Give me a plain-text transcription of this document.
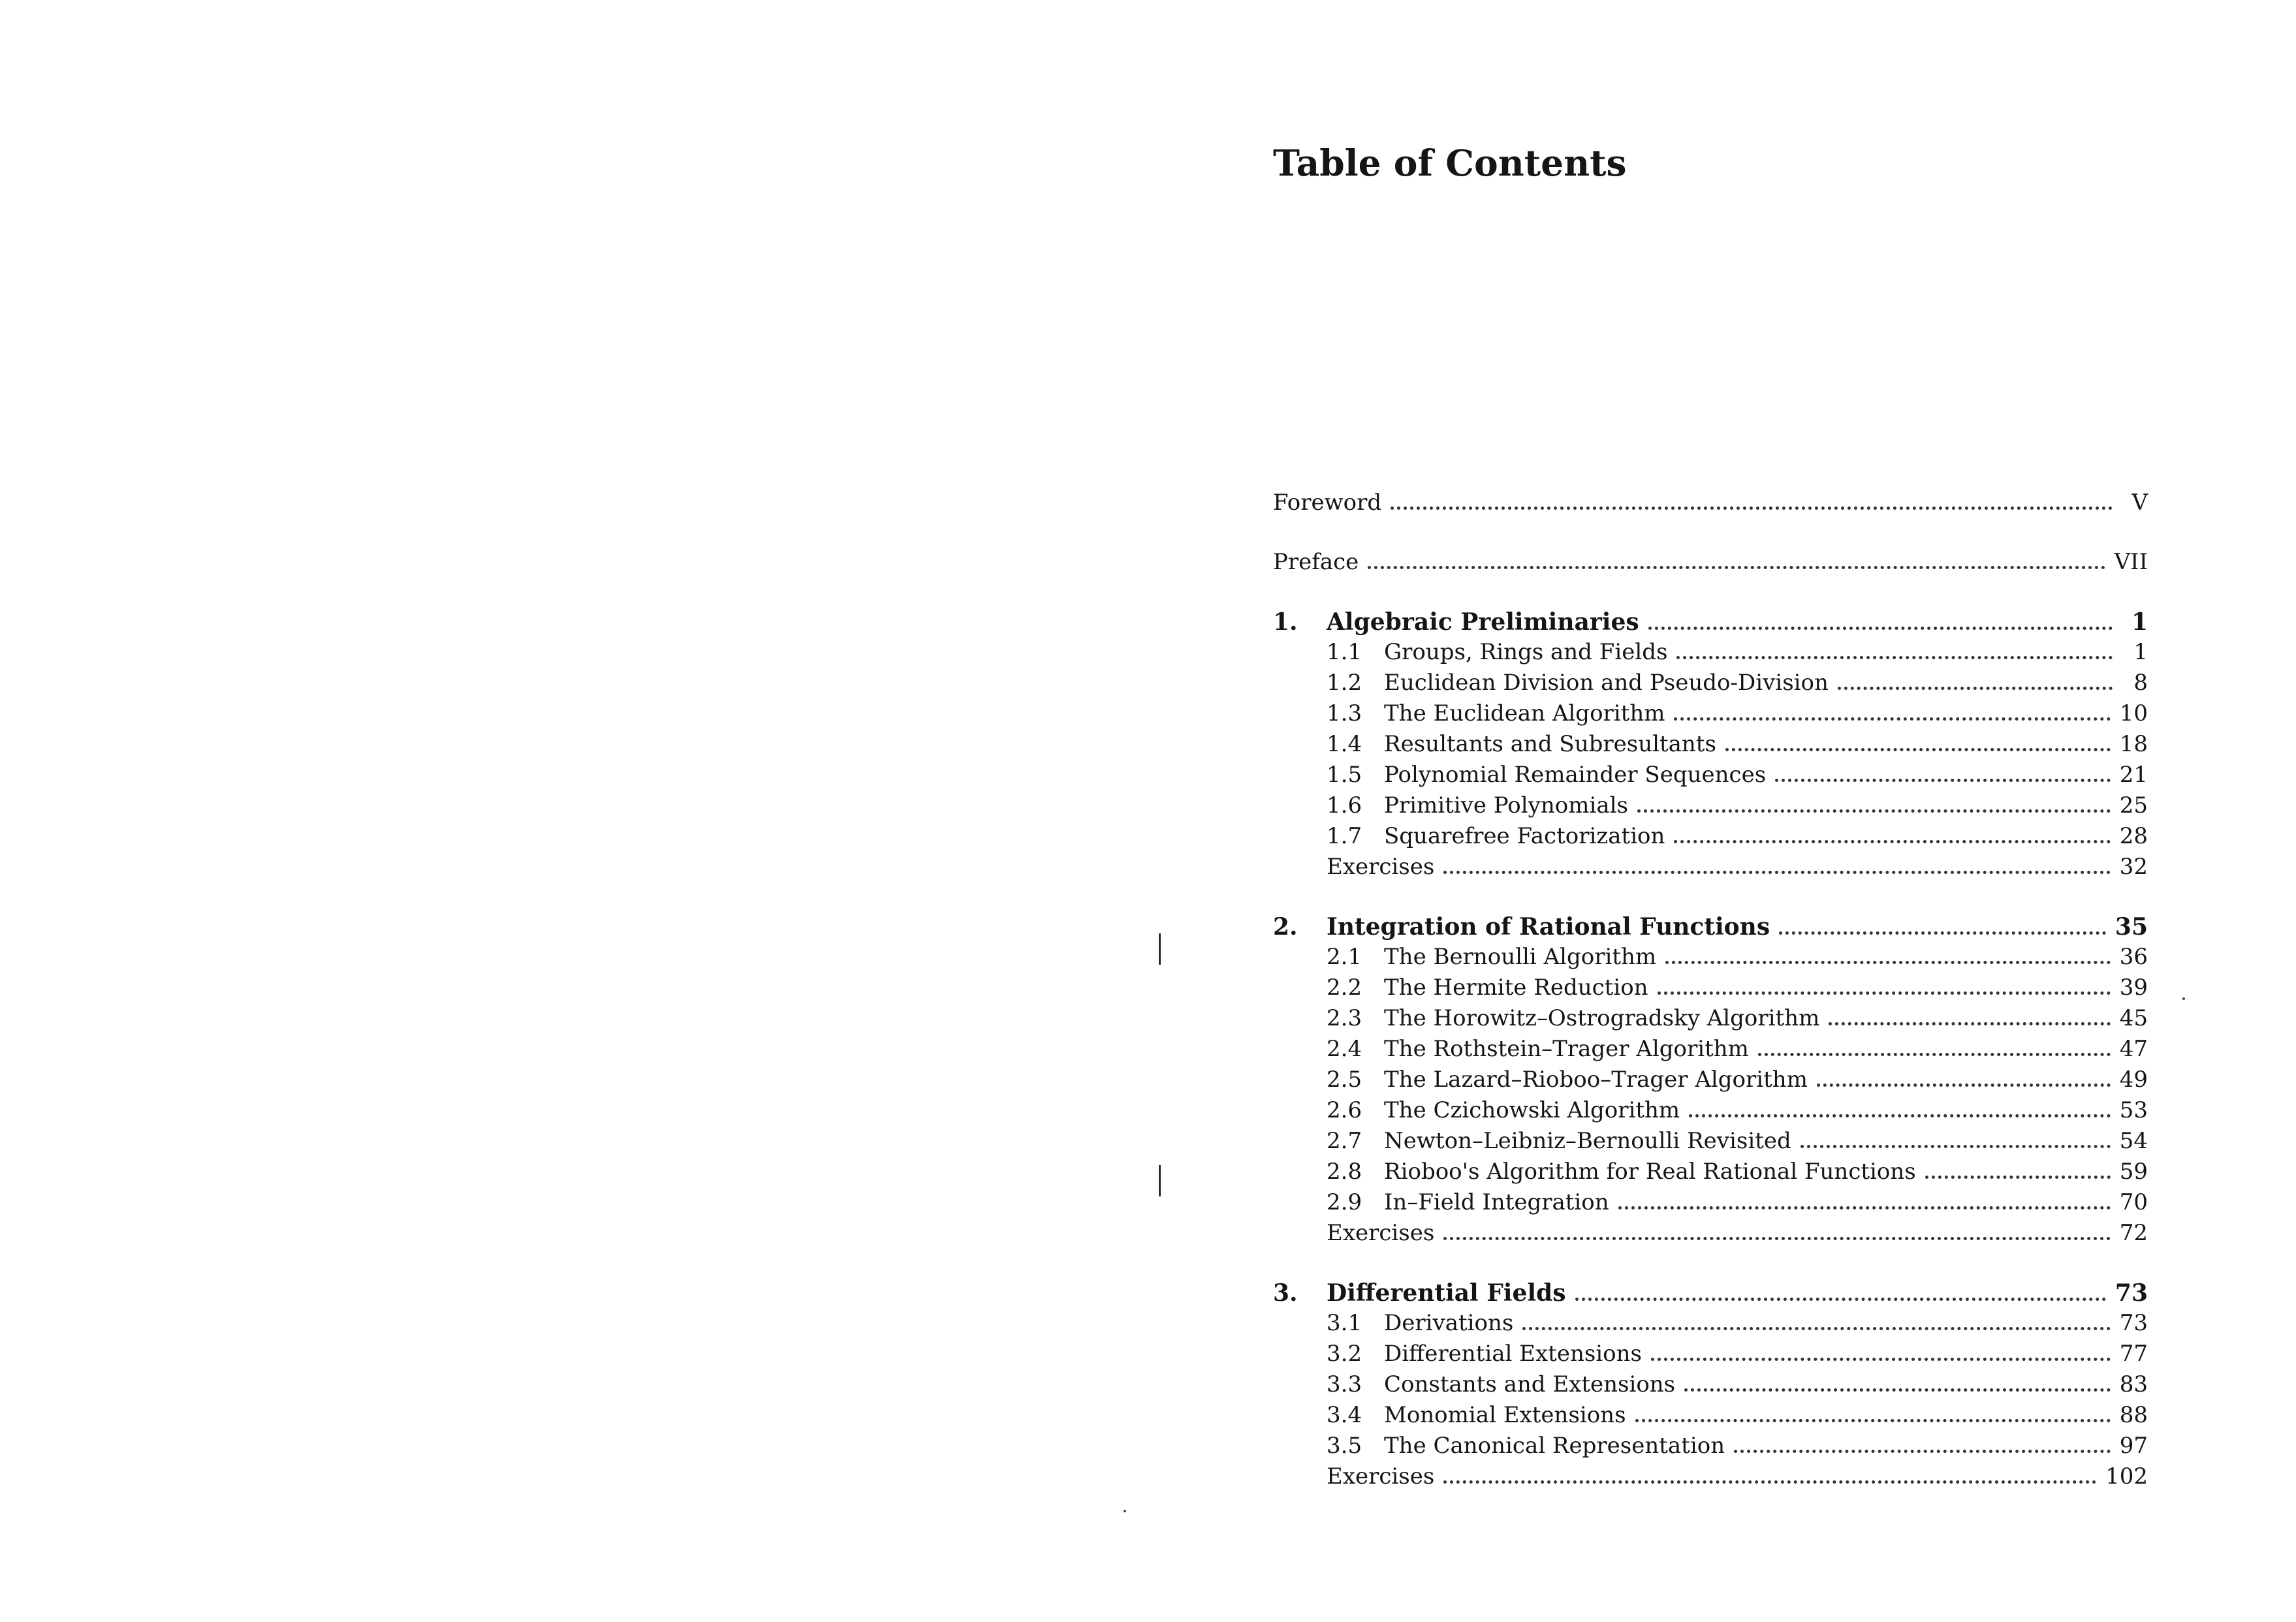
Table of Contents
Foreword	V
Preface	VII
1.	Algebraic Preliminaries	1
1.1 Groups, Rings and Fields	1
1.2 Euclidean Division and Pseudo-Division	8
1.3 The Euclidean Algorithm	10
1.4 Resultants and Subresultants	18
1.5 Polynomial Remainder Sequences	21
1.6 Primitive Polynomials	25
1.7 Squarefree Factorization	28
Exercises	32
2.	Integration of Rational Functions	35
2.1 The Bernoulli Algorithm	36
2.2 The Hermite Reduction	39
2.3 The Horowitz–Ostrogradsky Algorithm	45
2.4 The Rothstein–Trager Algorithm	47
2.5 The Lazard–Rioboo–Trager Algorithm	49
2.6 The Czichowski Algorithm	53
2.7 Newton–Leibniz–Bernoulli Revisited	54
2.8 Rioboo's Algorithm for Real Rational Functions	59
2.9 In–Field Integration	70
Exercises	72
3.	Differential Fields	73
3.1 Derivations	73
3.2 Differential Extensions	77
3.3 Constants and Extensions	83
3.4 Monomial Extensions	88
3.5 The Canonical Representation	97
Exercises	102
